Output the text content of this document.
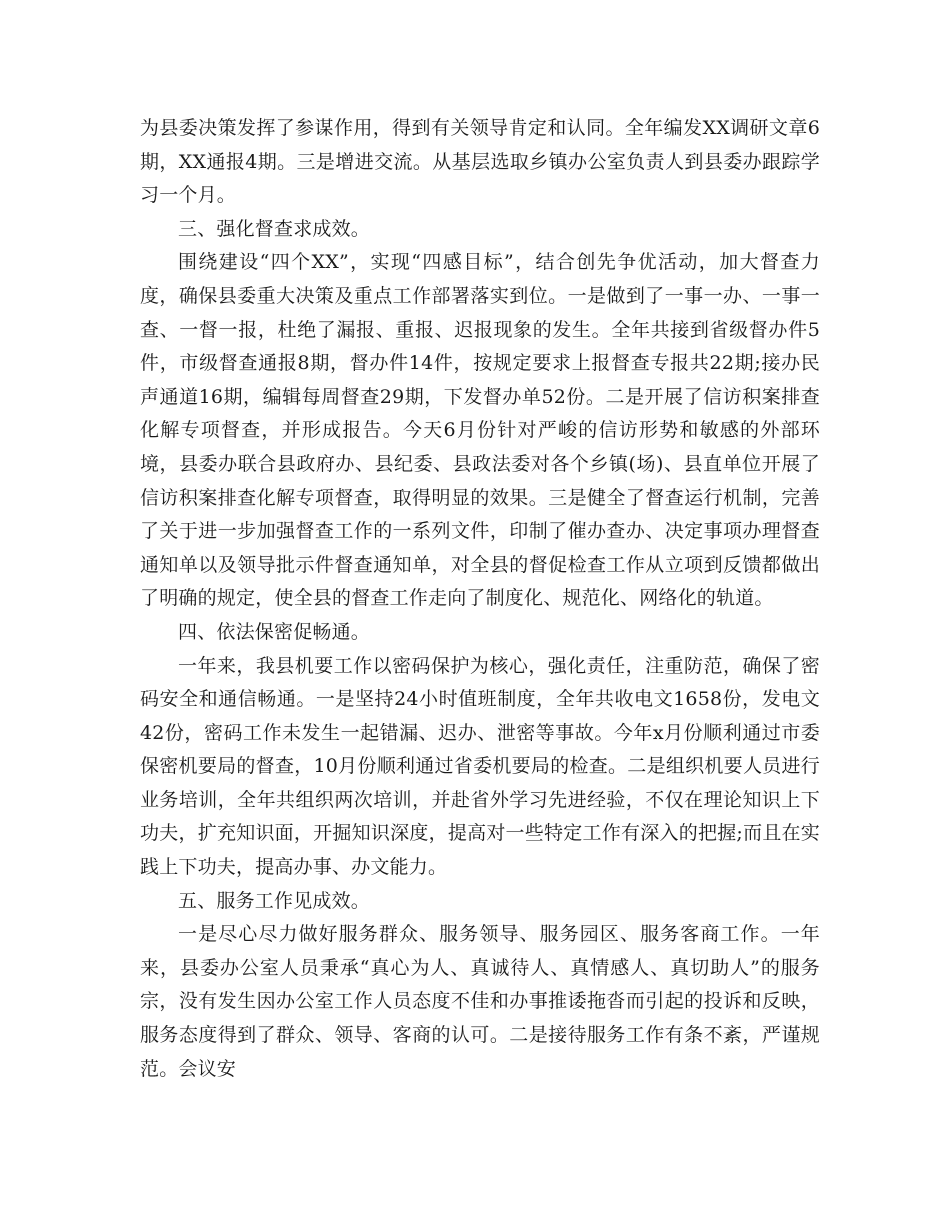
为县委决策发挥了参谋作用，得到有关领导肯定和认同。全年编发XX调研文章6期，XX通报4期。三是增进交流。从基层选取乡镇办公室负责人到县委办跟踪学习一个月。

三、强化督查求成效。

围绕建设“四个XX”，实现“四感目标”，结合创先争优活动，加大督查力度，确保县委重大决策及重点工作部署落实到位。一是做到了一事一办、一事一查、一督一报，杜绝了漏报、重报、迟报现象的发生。全年共接到省级督办件5件，市级督查通报8期，督办件14件，按规定要求上报督查专报共22期;接办民声通道16期，编辑每周督查29期，下发督办单52份。二是开展了信访积案排查化解专项督查，并形成报告。今天6月份针对严峻的信访形势和敏感的外部环境，县委办联合县政府办、县纪委、县政法委对各个乡镇(场)、县直单位开展了信访积案排查化解专项督查，取得明显的效果。三是健全了督查运行机制，完善了关于进一步加强督查工作的一系列文件，印制了催办查办、决定事项办理督查通知单以及领导批示件督查通知单，对全县的督促检查工作从立项到反馈都做出了明确的规定，使全县的督查工作走向了制度化、规范化、网络化的轨道。

四、依法保密促畅通。

一年来，我县机要工作以密码保护为核心，强化责任，注重防范，确保了密码安全和通信畅通。一是坚持24小时值班制度，全年共收电文1658份，发电文42份，密码工作未发生一起错漏、迟办、泄密等事故。今年x月份顺利通过市委保密机要局的督查，10月份顺利通过省委机要局的检查。二是组织机要人员进行业务培训，全年共组织两次培训，并赴省外学习先进经验，不仅在理论知识上下功夫，扩充知识面，开掘知识深度，提高对一些特定工作有深入的把握;而且在实践上下功夫，提高办事、办文能力。

五、服务工作见成效。

一是尽心尽力做好服务群众、服务领导、服务园区、服务客商工作。一年来，县委办公室人员秉承“真心为人、真诚待人、真情感人、真切助人”的服务宗，没有发生因办公室工作人员态度不佳和办事推诿拖沓而引起的投诉和反映，服务态度得到了群众、领导、客商的认可。二是接待服务工作有条不紊，严谨规范。会议安
